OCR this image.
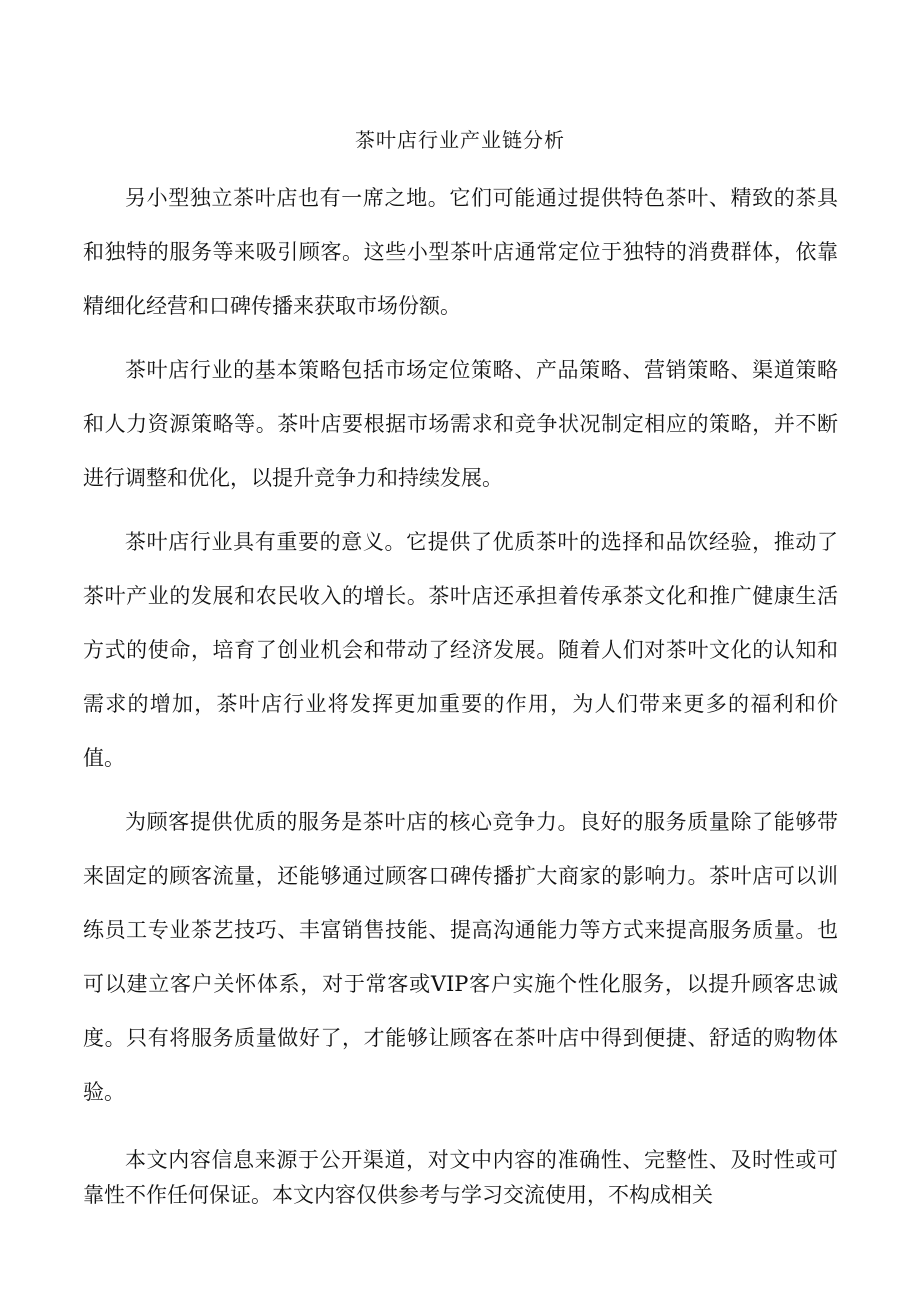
茶叶店行业产业链分析

另小型独立茶叶店也有一席之地。它们可能通过提供特色茶叶、精致的茶具和独特的服务等来吸引顾客。这些小型茶叶店通常定位于独特的消费群体，依靠精细化经营和口碑传播来获取市场份额。

茶叶店行业的基本策略包括市场定位策略、产品策略、营销策略、渠道策略和人力资源策略等。茶叶店要根据市场需求和竞争状况制定相应的策略，并不断进行调整和优化，以提升竞争力和持续发展。

茶叶店行业具有重要的意义。它提供了优质茶叶的选择和品饮经验，推动了茶叶产业的发展和农民收入的增长。茶叶店还承担着传承茶文化和推广健康生活方式的使命，培育了创业机会和带动了经济发展。随着人们对茶叶文化的认知和需求的增加，茶叶店行业将发挥更加重要的作用，为人们带来更多的福利和价值。

为顾客提供优质的服务是茶叶店的核心竞争力。良好的服务质量除了能够带来固定的顾客流量，还能够通过顾客口碑传播扩大商家的影响力。茶叶店可以训练员工专业茶艺技巧、丰富销售技能、提高沟通能力等方式来提高服务质量。也可以建立客户关怀体系，对于常客或VIP客户实施个性化服务，以提升顾客忠诚度。只有将服务质量做好了，才能够让顾客在茶叶店中得到便捷、舒适的购物体验。

本文内容信息来源于公开渠道，对文中内容的准确性、完整性、及时性或可靠性不作任何保证。本文内容仅供参考与学习交流使用，不构成相关
